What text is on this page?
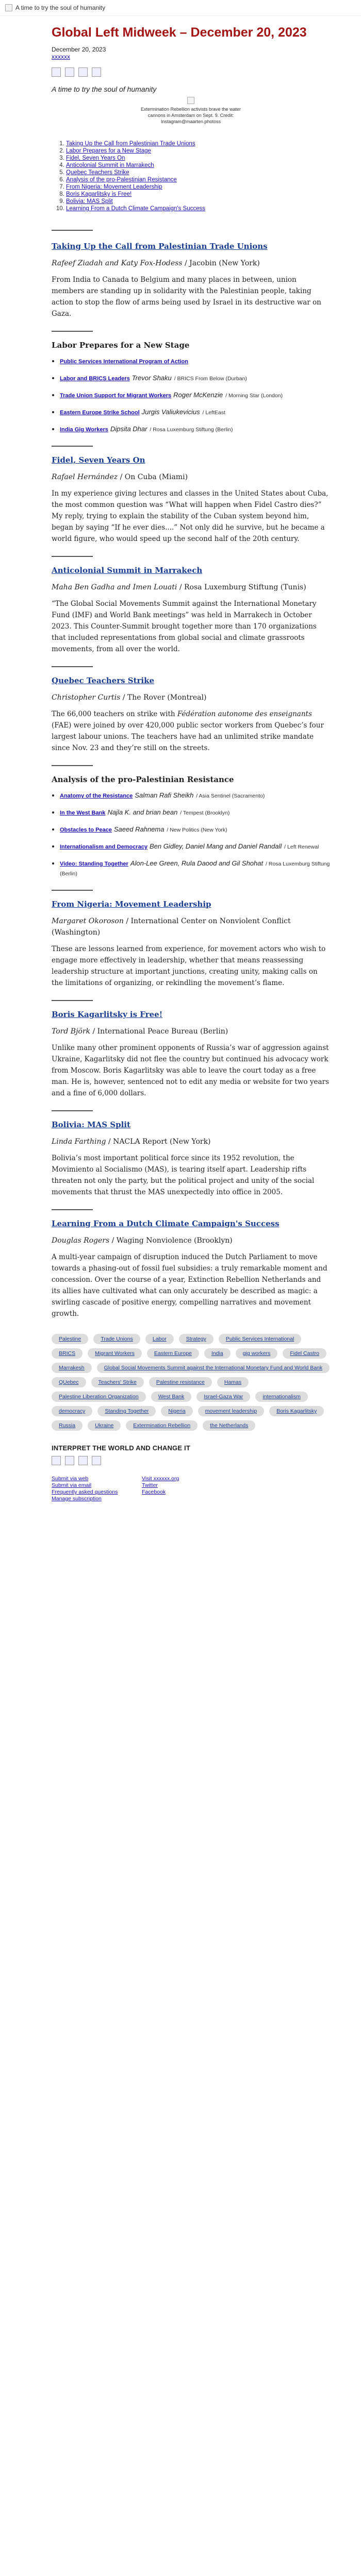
A time to try the soul of humanity
Global Left Midweek – December 20, 2023
December 20, 2023
xxxxxx
A time to try the soul of humanity
Extermination Rebellion activists brave the water cannons in Amsterdam on Sept. 9. Credit: Instagram@maarten.photoss
1. Taking Up the Call from Palestinian Trade Unions
2. Labor Prepares for a New Stage
3. Fidel, Seven Years On
4. Anticolonial Summit in Marrakech
5. Quebec Teachers Strike
6. Analysis of the pro-Palestinian Resistance
7. From Nigeria: Movement Leadership
8. Boris Kagarlitsky is Free!
9. Bolivia: MAS Split
10. Learning From a Dutch Climate Campaign's Success
Taking Up the Call from Palestinian Trade Unions

Rafeef Ziadah and Katy Fox-Hodess / Jacobin (New York)

From India to Canada to Belgium and many places in between, union members are standing up in solidarity with the Palestinian people, taking action to stop the flow of arms being used by Israel in its destructive war on Gaza.

Labor Prepares for a New Stage
• Public Services International Program of Action
• Labor and BRICS Leaders Trevor Shaku / BRICS From Below (Durban)
• Trade Union Support for Migrant Workers Roger McKenzie / Morning Star (London)
• Eastern Europe Strike School Jurgis Valiukevicius / LeftEast
• India Gig Workers Dipsita Dhar / Rosa Luxemburg Stiftung (Berlin)
Fidel, Seven Years On

Rafael Hernández / On Cuba (Miami)

In my experience giving lectures and classes in the United States about Cuba, the most common question was “What will happen when Fidel Castro dies?” My reply, trying to explain the stability of the Cuban system beyond him, began by saying “If he ever dies....” Not only did he survive, but he became a world figure, who would speed up the second half of the 20th century.

Anticolonial Summit in Marrakech

Maha Ben Gadha and Imen Louati / Rosa Luxemburg Stiftung (Tunis)

“The Global Social Movements Summit against the International Monetary Fund (IMF) and World Bank meetings” was held in Marrakech in October 2023. This Counter-Summit brought together more than 170 organizations that included representations from global social and climate grassroots movements, from all over the world.

Quebec Teachers Strike

Christopher Curtis / The Rover (Montreal)

The 66,000 teachers on strike with Fédération autonome des enseignants (FAE) were joined by over 420,000 public sector workers from Quebec’s four largest labour unions. The teachers have had an unlimited strike mandate since Nov. 23 and they’re still on the streets.

Analysis of the pro-Palestinian Resistance
• Anatomy of the Resistance Salman Rafi Sheikh / Asia Sentinel (Sacramento)
• In the West Bank Najla K. and brian bean / Tempest (Brooklyn)
• Obstacles to Peace Saeed Rahnema / New Politics (New York)
• Internationalism and Democracy Ben Gidley, Daniel Mang and Daniel Randall / Left Renewal
• Video: Standing Together Alon-Lee Green, Rula Daood and Gil Shohat / Rosa Luxemburg Stiftung (Berlin)
From Nigeria: Movement Leadership

Margaret Okoroson / International Center on Nonviolent Conflict (Washington)

These are lessons learned from experience, for movement actors who wish to engage more effectively in leadership, whether that means reassessing leadership structure at important junctions, creating unity, making calls on the limitations of organizing, or rekindling the movement’s flame.

Boris Kagarlitsky is Free!

Tord Björk / International Peace Bureau (Berlin)

Unlike many other prominent opponents of Russia’s war of aggression against Ukraine, Kagarlitsky did not flee the country but continued his advocacy work from Moscow. Boris Kagarlitsky was able to leave the court today as a free man. He is, however, sentenced not to edit any media or website for two years and a fine of 6,000 dollars.

Bolivia: MAS Split

Linda Farthing / NACLA Report (New York)

Bolivia’s most important political force since its 1952 revolution, the Movimiento al Socialismo (MAS), is tearing itself apart. Leadership rifts threaten not only the party, but the political project and unity of the social movements that thrust the MAS unexpectedly into office in 2005.

Learning From a Dutch Climate Campaign's Success

Douglas Rogers / Waging Nonviolence (Brooklyn)

A multi-year campaign of disruption induced the Dutch Parliament to move towards a phasing-out of fossil fuel subsidies: a truly remarkable moment and concession. Over the course of a year, Extinction Rebellion Netherlands and its allies have cultivated what can only accurately be described as magic: a swirling cascade of positive energy, compelling narratives and movement growth.

Palestine	Trade Unions	Labor	Strategy	Public Services International
BRICS	Migrant Workers	Eastern Europe	India	gig workers	Fidel Castro
Marrakesh	Global Social Movements Summit against the International Monetary Fund and World Bank
QUebec	Teachers' Strike	Palestine resistance	Hamas
Palestine Liberation Organization	West Bank	Israel-Gaza War	internationalism
democracy	Standing Together	Nigeria	movement leadership	Boris Kagarlitsky
Russia	Ukraine	Extermination Rebellion	the Netherlands
INTERPRET THE WORLD AND CHANGE IT
Submit via web
Submit via email
Frequently asked questions
Manage subscription
Visit xxxxxx.org
Twitter
Facebook
